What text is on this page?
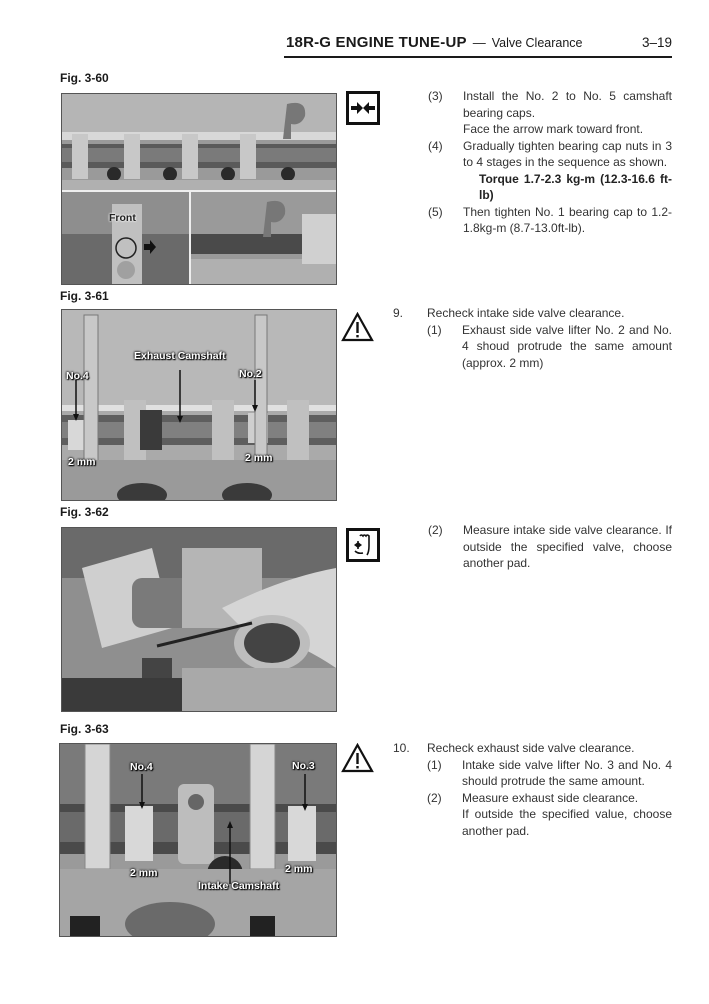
18R-G ENGINE TUNE-UP — Valve Clearance	3–19
Fig. 3-60
Front
(3)	Install the No. 2 to No. 5 camshaft bearing caps.
Face the arrow mark toward front.
(4)	Gradually tighten bearing cap nuts in 3 to 4 stages in the sequence as shown.
Torque 1.7-2.3 kg-m (12.3-16.6 ft-lb)
(5)	Then tighten No. 1 bearing cap to 1.2-1.8kg-m (8.7-13.0ft-lb).
Fig. 3-61
Exhaust Camshaft
No.4	No.2
2 mm	2 mm
9.	Recheck intake side valve clearance.
(1)	Exhaust side valve lifter No. 2 and No. 4 shoud protrude the same amount (approx. 2 mm)
Fig. 3-62
(2)	Measure intake side valve clearance. If outside the specified valve, choose another pad.
Fig. 3-63
No.4	No.3
2 mm	2 mm
Intake Camshaft
10.	Recheck exhaust side valve clearance.
(1)	Intake side valve lifter No. 3 and No. 4 should protrude the same amount.
(2)	Measure exhaust side clearance.
If outside the specified value, choose another pad.
